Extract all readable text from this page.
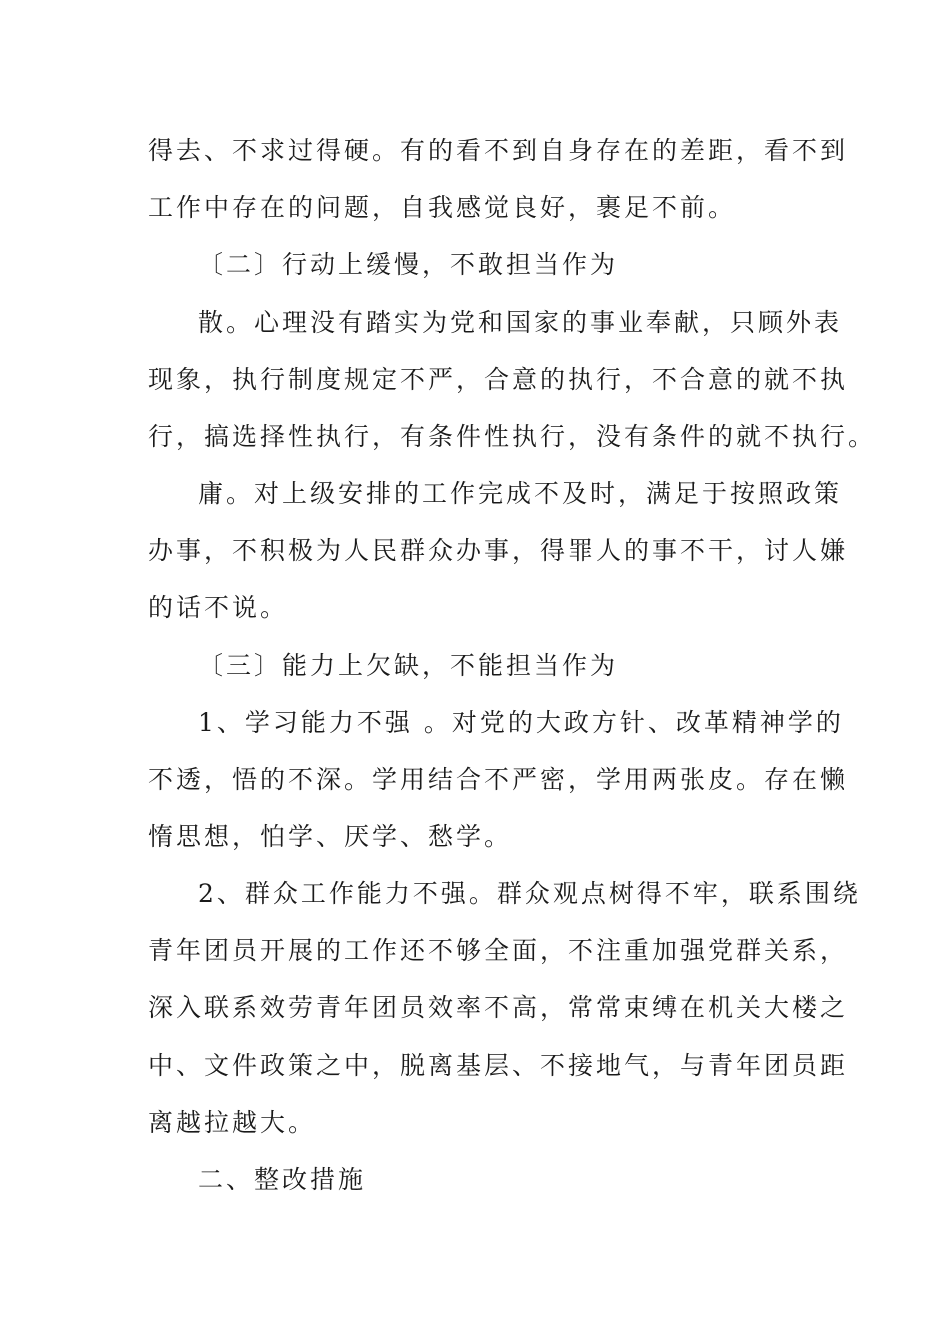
得去、不求过得硬。有的看不到自身存在的差距，看不到
工作中存在的问题，自我感觉良好，裹足不前。
〔二〕行动上缓慢，不敢担当作为
散。心理没有踏实为党和国家的事业奉献，只顾外表
现象，执行制度规定不严，合意的执行，不合意的就不执
行，搞选择性执行，有条件性执行，没有条件的就不执行。
庸。对上级安排的工作完成不及时，满足于按照政策
办事，不积极为人民群众办事，得罪人的事不干，讨人嫌
的话不说。
〔三〕能力上欠缺，不能担当作为
1、学习能力不强 。对党的大政方针、改革精神学的
不透，悟的不深。学用结合不严密，学用两张皮。存在懒
惰思想，怕学、厌学、愁学。
2、群众工作能力不强。群众观点树得不牢，联系围绕
青年团员开展的工作还不够全面，不注重加强党群关系，
深入联系效劳青年团员效率不高，常常束缚在机关大楼之
中、文件政策之中，脱离基层、不接地气，与青年团员距
离越拉越大。
二、整改措施
